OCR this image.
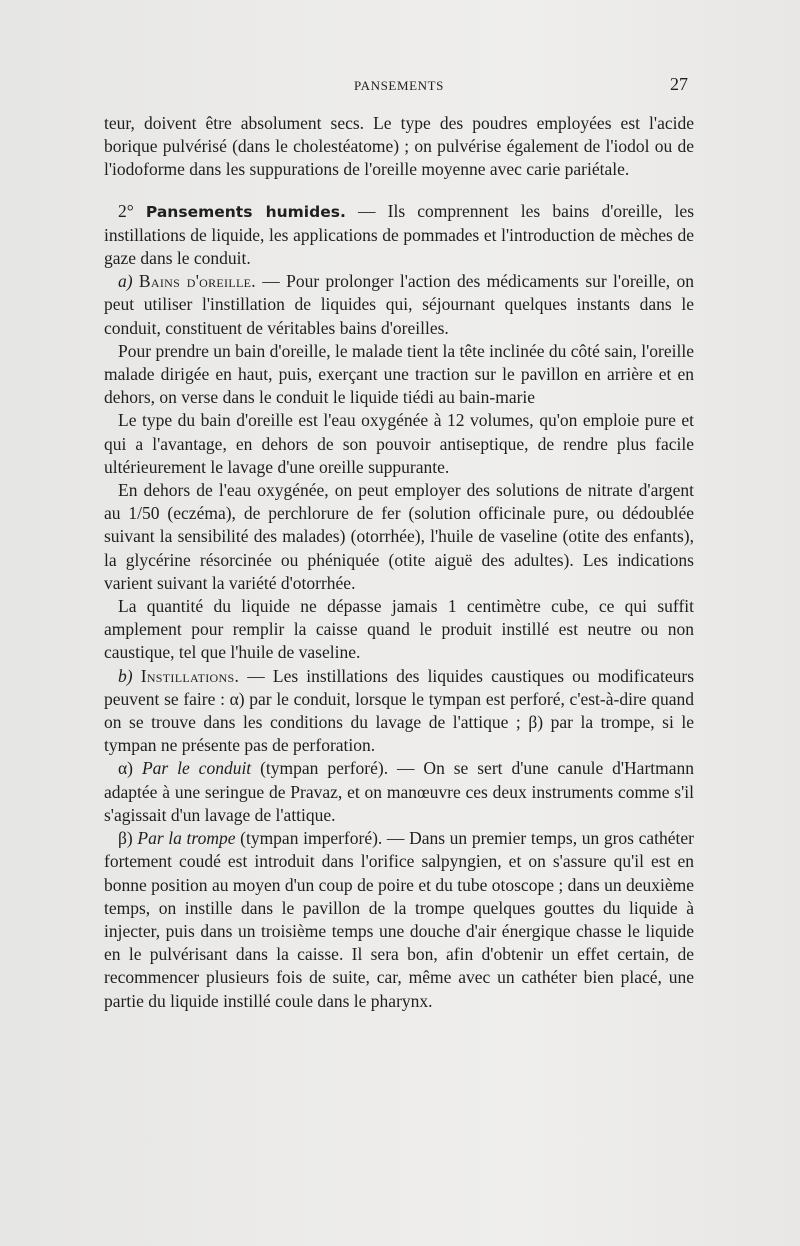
PANSEMENTS	27

teur, doivent être absolument secs. Le type des poudres employées est l'acide borique pulvérisé (dans le cholestéatome) ; on pulvérise également de l'iodol ou de l'iodoforme dans les suppurations de l'oreille moyenne avec carie pariétale.

2° Pansements humides. — Ils comprennent les bains d'oreille, les instillations de liquide, les applications de pommades et l'introduction de mèches de gaze dans le conduit.

a) Bains d'oreille. — Pour prolonger l'action des médicaments sur l'oreille, on peut utiliser l'instillation de liquides qui, séjournant quelques instants dans le conduit, constituent de véritables bains d'oreilles.

Pour prendre un bain d'oreille, le malade tient la tête inclinée du côté sain, l'oreille malade dirigée en haut, puis, exerçant une traction sur le pavillon en arrière et en dehors, on verse dans le conduit le liquide tiédi au bain-marie

Le type du bain d'oreille est l'eau oxygénée à 12 volumes, qu'on emploie pure et qui a l'avantage, en dehors de son pouvoir antiseptique, de rendre plus facile ultérieurement le lavage d'une oreille suppurante.

En dehors de l'eau oxygénée, on peut employer des solutions de nitrate d'argent au 1/50 (eczéma), de perchlorure de fer (solution officinale pure, ou dédoublée suivant la sensibilité des malades) (otorrhée), l'huile de vaseline (otite des enfants), la glycérine résorcinée ou phéniquée (otite aiguë des adultes). Les indications varient suivant la variété d'otorrhée.

La quantité du liquide ne dépasse jamais 1 centimètre cube, ce qui suffit amplement pour remplir la caisse quand le produit instillé est neutre ou non caustique, tel que l'huile de vaseline.

b) Instillations. — Les instillations des liquides caustiques ou modificateurs peuvent se faire : α) par le conduit, lorsque le tympan est perforé, c'est-à-dire quand on se trouve dans les conditions du lavage de l'attique ; β) par la trompe, si le tympan ne présente pas de perforation.

α) Par le conduit (tympan perforé). — On se sert d'une canule d'Hartmann adaptée à une seringue de Pravaz, et on manœuvre ces deux instruments comme s'il s'agissait d'un lavage de l'attique.

β) Par la trompe (tympan imperforé). — Dans un premier temps, un gros cathéter fortement coudé est introduit dans l'orifice salpyngien, et on s'assure qu'il est en bonne position au moyen d'un coup de poire et du tube otoscope ; dans un deuxième temps, on instille dans le pavillon de la trompe quelques gouttes du liquide à injecter, puis dans un troisième temps une douche d'air énergique chasse le liquide en le pulvérisant dans la caisse. Il sera bon, afin d'obtenir un effet certain, de recommencer plusieurs fois de suite, car, même avec un cathéter bien placé, une partie du liquide instillé coule dans le pharynx.
